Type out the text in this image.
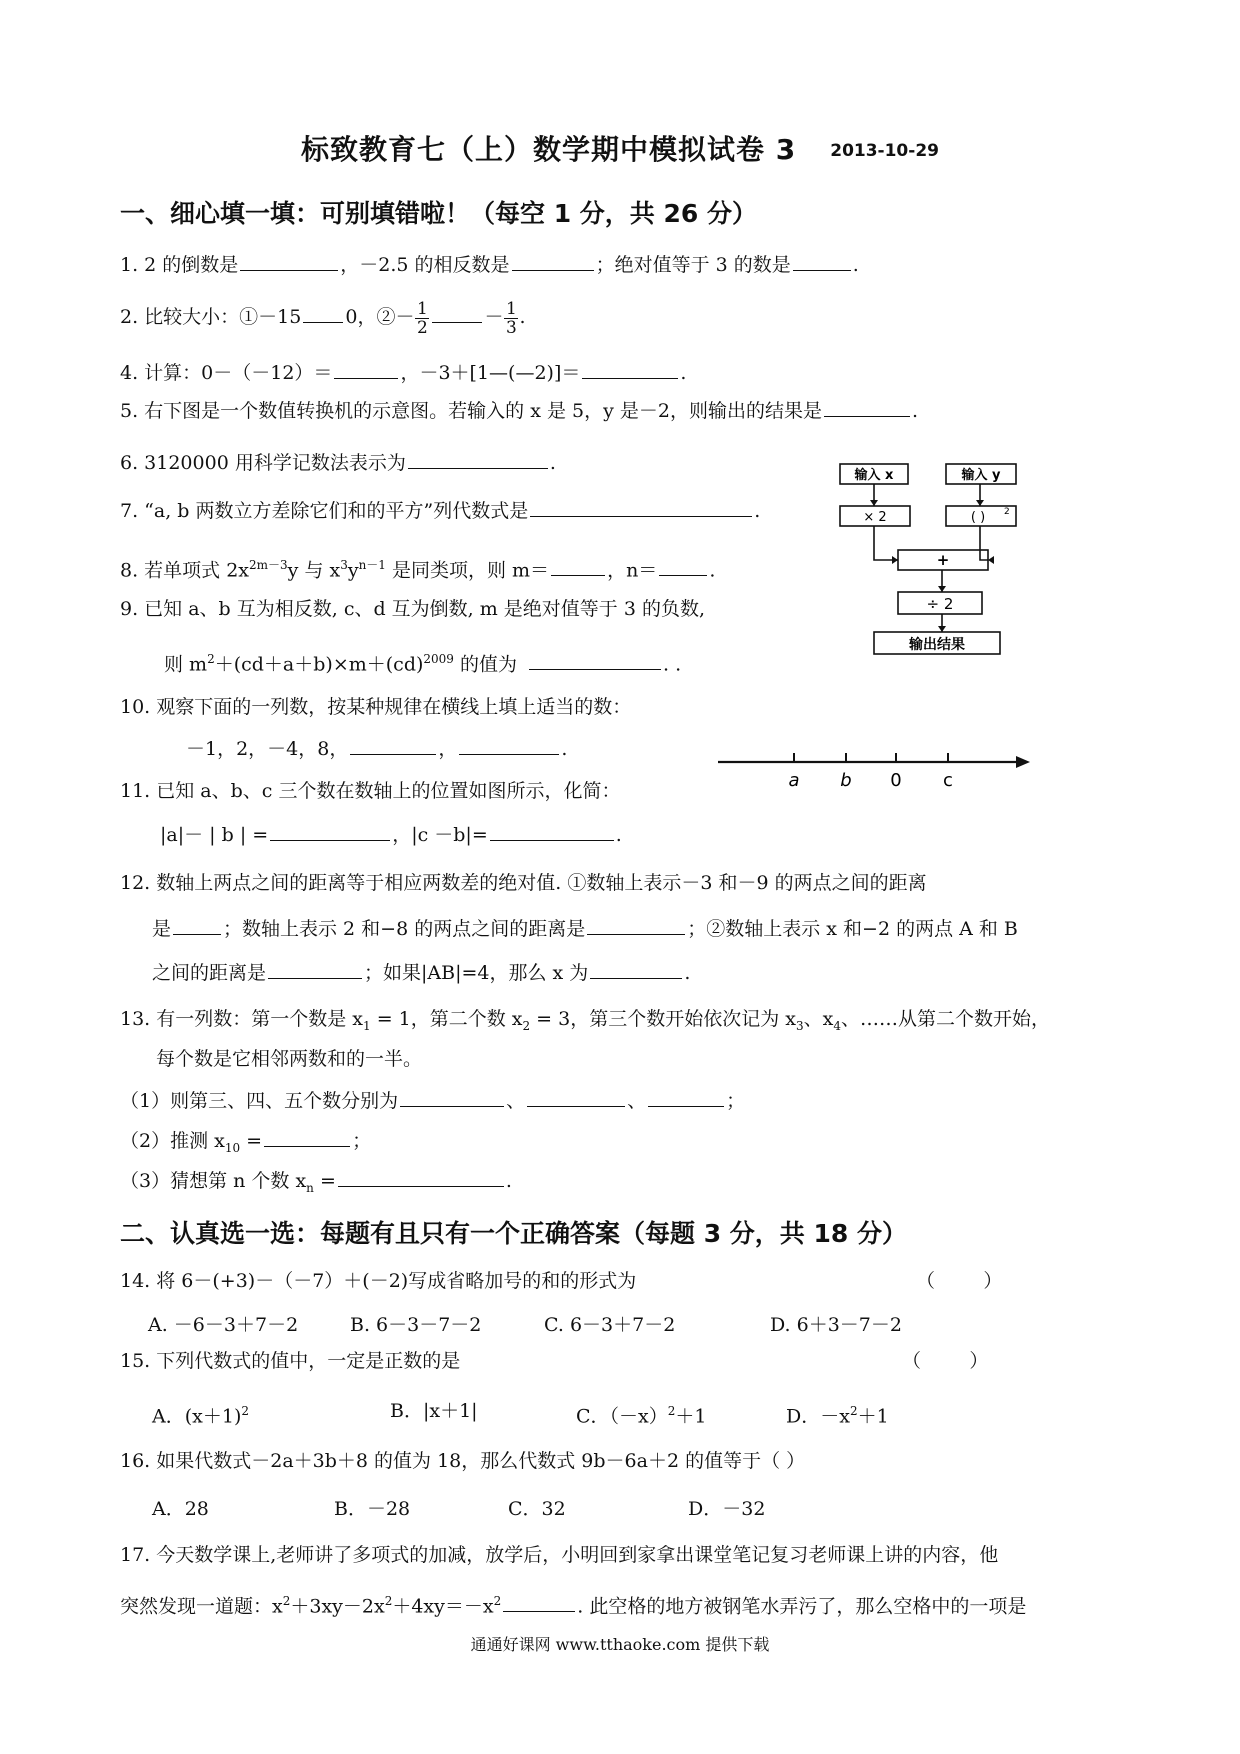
标致教育七（上）数学期中模拟试卷 3 2013-10-29
一、细心填一填：可别填错啦！（每空 1 分，共 26 分）
1. 2 的倒数是	，－2.5 的相反数是	；绝对值等于 3 的数是	.
2. 比较大小：①－15 0，②－ $\frac{1}{2}$	－ $\frac{1}{3}$ .
4. 计算：0－（－12）＝	，－3＋[1—(—2)]＝	.
5. 右下图是一个数值转换机的示意图。若输入的 x 是 5，y 是－2，则输出的结果是	.
6. 3120000 用科学记数法表示为	.
7. “a, b 两数立方差除它们和的平方”列代数式是	.
8. 若单项式 $2x^{2m-3}y$ 与 $x^3y^{n-1}$ 是同类项，则 m＝	，n＝	.
9. 已知 a、b 互为相反数, c、d 互为倒数, m 是绝对值等于 3 的负数,
则 $m^2+(cd+a+b)\times m+(cd)^{2009}$ 的值为	. .
10. 观察下面的一列数，按某种规律在横线上填上适当的数：
－1，2，－4，8，	，	.
11. 已知 a、b、c 三个数在数轴上的位置如图所示，化简：
|a|－ | b | =	，|c －b|=	.
12. 数轴上两点之间的距离等于相应两数差的绝对值. ①数轴上表示－3 和－9 的两点之间的距离
是	；数轴上表示 2 和−8 的两点之间的距离是	；②数轴上表示 x 和−2 的两点 A 和 B
之间的距离是	；如果|AB|=4，那么 x 为	.
13. 有一列数：第一个数是 $x_1 = 1$，第二个数 $x_2 = 3$，第三个数开始依次记为 $x_3$、$x_4$、……从第二个数开始，
每个数是它相邻两数和的一半。
（1）则第三、四、五个数分别为	、	、	；
（2）推测 $x_{10}$ =	；
（3）猜想第 n 个数 $x_n$ =	.
二、认真选一选：每题有且只有一个正确答案（每题 3 分，共 18 分）
14. 将 6－(+3)－（－7）＋(－2)写成省略加号的和的形式为	（        ）
A. －6－3＋7－2	B. 6－3－7－2	C. 6－3＋7－2	D. 6＋3－7－2
15. 下列代数式的值中，一定是正数的是	（        ）
A．$(x+1)^2$	B．|x＋1|	C．$(-x)^2+1$	D．$-x^2+1$
16. 如果代数式－2a＋3b＋8 的值为 18，那么代数式 9b－6a＋2 的值等于（ ）
A．28	B．－28	C．32	D．－32
17. 今天数学课上,老师讲了多项式的加减，放学后，小明回到家拿出课堂笔记复习老师课上讲的内容，他
突然发现一道题：$x^2+3xy-2x^2+4xy=-x^2$	. 此空格的地方被钢笔水弄污了，那么空格中的一项是
输入 x	输入 y
× 2	( ) 2
+
÷ 2
输出结果
a b 0 c
通通好课网 www.tthaoke.com 提供下载
